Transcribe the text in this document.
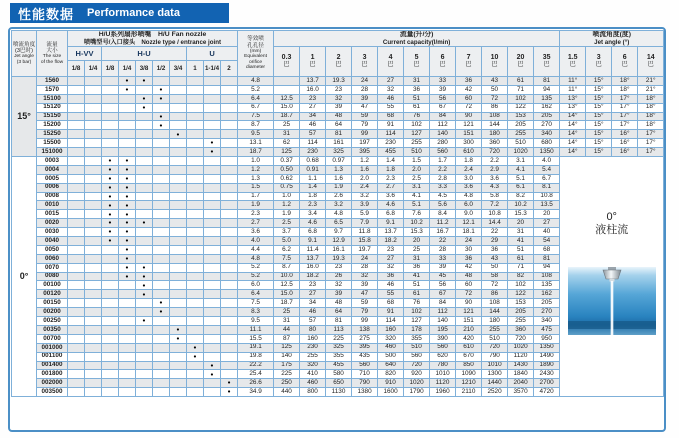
性能数据 Performance data
喷流角度
(3巴时)
Jet angle
(3 bar)

流量
大小
The size
of the flow

H/U系列扇形喷嘴　H/U Fan nozzle
喷嘴型号/入口接头　Nozzle type / entrance joint	等效喷
孔孔径
(mm)
Equivalent
orifice
diameter

流量(升/分)
Current capacity(l/min)

喷流角度(度)
Jet angle (°)

		H-VV		H-U					U				0.3
巴	1
巴	2
巴	3
巴	4
巴	5
巴	6
巴	7
巴	10
巴	20
巴	35
巴	1.5
巴	3
巴	6
巴	14
巴

		1/8	1/4	1/8	1/4	3/8	1/2	3/4	1	1-1/4	2																
15°	1560				•	•						4.8		13.7	19.3	24	27	31	33	36	43	61	81	11°	15°	18°	21°
	1570				•		•					5.2		16.0	23	28	32	36	39	42	50	71	94	11°	15°	18°	21°
	15100					•	•					6.4	12.5	23	32	39	46	51	56	60	72	102	135	13°	15°	17°	18°
	15120					•						6.7	15.0	27	39	47	55	61	67	72	86	122	162	13°	15°	17°	18°
	15150						•					7.5	18.7	34	48	59	68	76	84	90	108	153	205	14°	15°	17°	18°
	15200						•					8.7	25	46	64	79	91	102	112	121	144	205	270	14°	15°	17°	18°
	15250							•				9.5	31	57	81	99	114	127	140	151	180	255	340	14°	15°	16°	17°
	15500									•		13.1	62	114	161	197	230	255	280	300	360	510	680	14°	15°	16°	17°
	151000									•		18.7	125	230	325	395	455	510	560	610	720	1020	1350	14°	15°	16°	17°
0°	0003			•	•							1.0	0.37	0.68	0.97	1.2	1.4	1.5	1.7	1.8	2.2	3.1	4.0	0°
液柱流			

	0004			•	•							1.2	0.50	0.91	1.3	1.6	1.8	2.0	2.2	2.4	2.9	4.1	5.4				
	0005			•	•							1.3	0.62	1.1	1.6	2.0	2.3	2.5	2.8	3.0	3.6	5.1	6.7				
	0006			•	•							1.5	0.75	1.4	1.9	2.4	2.7	3.1	3.3	3.6	4.3	6.1	8.1				
	0008			•	•							1.7	1.0	1.8	2.6	3.2	3.6	4.1	4.5	4.8	5.8	8.2	10.8				
	0010			•	•							1.9	1.2	2.3	3.2	3.9	4.6	5.1	5.6	6.0	7.2	10.2	13.5				
	0015			•	•							2.3	1.9	3.4	4.8	5.9	6.8	7.6	8.4	9.0	10.8	15.3	20				
	0020			•	•	•						2.7	2.5	4.6	6.5	7.9	9.1	10.2	11.2	12.1	14.4	20	27				
	0030			•	•							3.6	3.7	6.8	9.7	11.8	13.7	15.3	16.7	18.1	22	31	40				
	0040			•	•							4.0	5.0	9.1	12.9	15.8	18.2	20	22	24	29	41	54				
	0050				•							4.4	6.2	11.4	16.1	19.7	23	25	28	30	36	51	68				
	0060				•							4.8	7.5	13.7	19.3	24	27	31	33	36	43	61	81				
	0070				•	•						5.2	8.7	16.0	23	28	32	36	39	42	50	71	94				
	0080				•	•						5.2	10.0	18.2	26	32	36	41	45	48	58	82	108				
	00100					•						6.0	12.5	23	32	39	46	51	56	60	72	102	135				
	00120					•						6.4	15.0	27	39	47	55	61	67	72	86	122	162				
	00150						•					7.5	18.7	34	48	59	68	76	84	90	108	153	205				
	00200						•					8.3	25	46	64	79	91	102	112	121	144	205	270				
	00250					•						9.5	31	57	81	99	114	127	140	151	180	255	340				
	00350							•				11.1	44	80	113	138	160	178	195	210	255	360	475				
	00700							•				15.5	87	160	225	275	320	355	390	420	510	720	950				
	001000								•			19.1	125	230	325	395	460	510	560	610	720	1020	1350				
	001100								•			19.8	140	255	355	435	500	560	620	670	790	1120	1490				
	001400									•		22.2	175	320	455	560	640	720	780	850	1010	1430	1890				
	001800									•		25.4	225	410	580	710	820	920	1010	1090	1300	1840	2430				
	002000										•	26.6	250	460	650	790	910	1020	1120	1210	1440	2040	2700				
	003500										•	34.9	440	800	1130	1380	1600	1790	1960	2110	2520	3570	4720				
